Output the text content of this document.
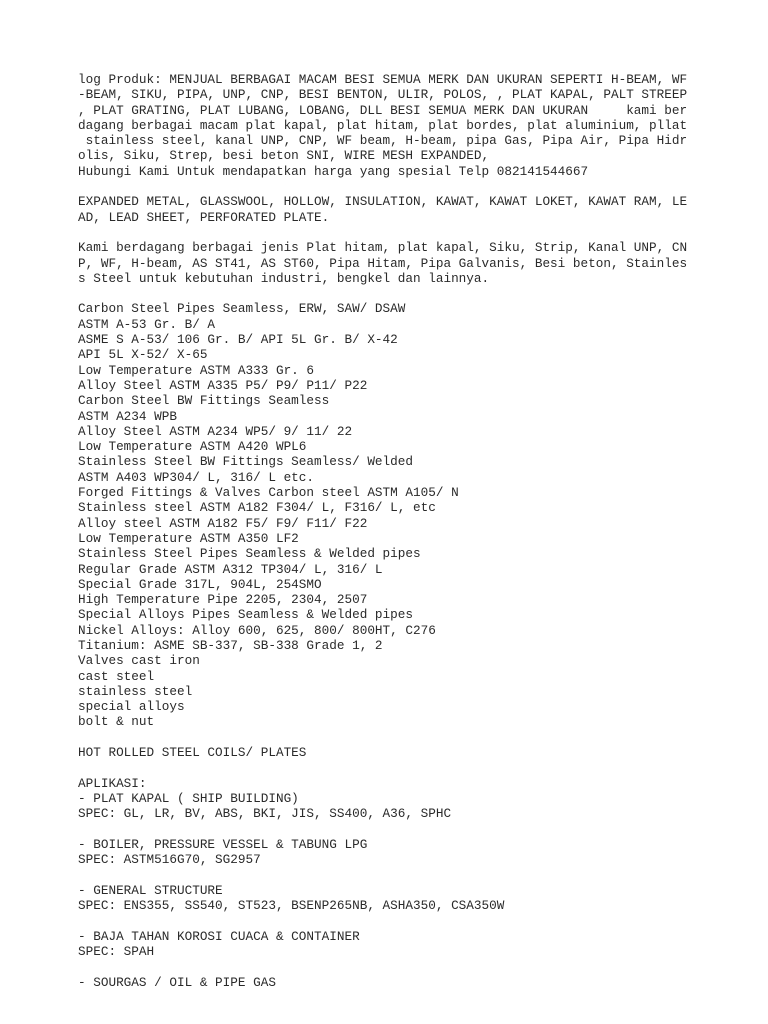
log Produk: MENJUAL BERBAGAI MACAM BESI SEMUA MERK DAN UKURAN SEPERTI H-BEAM, WF
-BEAM, SIKU, PIPA, UNP, CNP, BESI BENTON, ULIR, POLOS, , PLAT KAPAL, PALT STREEP
, PLAT GRATING, PLAT LUBANG, LOBANG, DLL BESI SEMUA MERK DAN UKURAN     kami ber
dagang berbagai macam plat kapal, plat hitam, plat bordes, plat aluminium, pllat
stainless steel, kanal UNP, CNP, WF beam, H-beam, pipa Gas, Pipa Air, Pipa Hidr
olis, Siku, Strep, besi beton SNI, WIRE MESH EXPANDED,
Hubungi Kami Untuk mendapatkan harga yang spesial Telp 082141544667
EXPANDED METAL, GLASSWOOL, HOLLOW, INSULATION, KAWAT, KAWAT LOKET, KAWAT RAM, LE
AD, LEAD SHEET, PERFORATED PLATE.
Kami berdagang berbagai jenis Plat hitam, plat kapal, Siku, Strip, Kanal UNP, CN
P, WF, H-beam, AS ST41, AS ST60, Pipa Hitam, Pipa Galvanis, Besi beton, Stainles
s Steel untuk kebutuhan industri, bengkel dan lainnya.
Carbon Steel Pipes Seamless, ERW, SAW/ DSAW
ASTM A-53 Gr. B/ A
ASME S A-53/ 106 Gr. B/ API 5L Gr. B/ X-42
API 5L X-52/ X-65
Low Temperature ASTM A333 Gr. 6
Alloy Steel ASTM A335 P5/ P9/ P11/ P22
Carbon Steel BW Fittings Seamless
ASTM A234 WPB
Alloy Steel ASTM A234 WP5/ 9/ 11/ 22
Low Temperature ASTM A420 WPL6
Stainless Steel BW Fittings Seamless/ Welded
ASTM A403 WP304/ L, 316/ L etc.
Forged Fittings & Valves Carbon steel ASTM A105/ N
Stainless steel ASTM A182 F304/ L, F316/ L, etc
Alloy steel ASTM A182 F5/ F9/ F11/ F22
Low Temperature ASTM A350 LF2
Stainless Steel Pipes Seamless & Welded pipes
Regular Grade ASTM A312 TP304/ L, 316/ L
Special Grade 317L, 904L, 254SMO
High Temperature Pipe 2205, 2304, 2507
Special Alloys Pipes Seamless & Welded pipes
Nickel Alloys: Alloy 600, 625, 800/ 800HT, C276
Titanium: ASME SB-337, SB-338 Grade 1, 2
Valves cast iron
cast steel
stainless steel
special alloys
bolt & nut
HOT ROLLED STEEL COILS/ PLATES
APLIKASI:
- PLAT KAPAL ( SHIP BUILDING)
SPEC: GL, LR, BV, ABS, BKI, JIS, SS400, A36, SPHC
- BOILER, PRESSURE VESSEL & TABUNG LPG
SPEC: ASTM516G70, SG2957
- GENERAL STRUCTURE
SPEC: ENS355, SS540, ST523, BSENP265NB, ASHA350, CSA350W
- BAJA TAHAN KOROSI CUACA & CONTAINER
SPEC: SPAH
- SOURGAS / OIL & PIPE GAS
